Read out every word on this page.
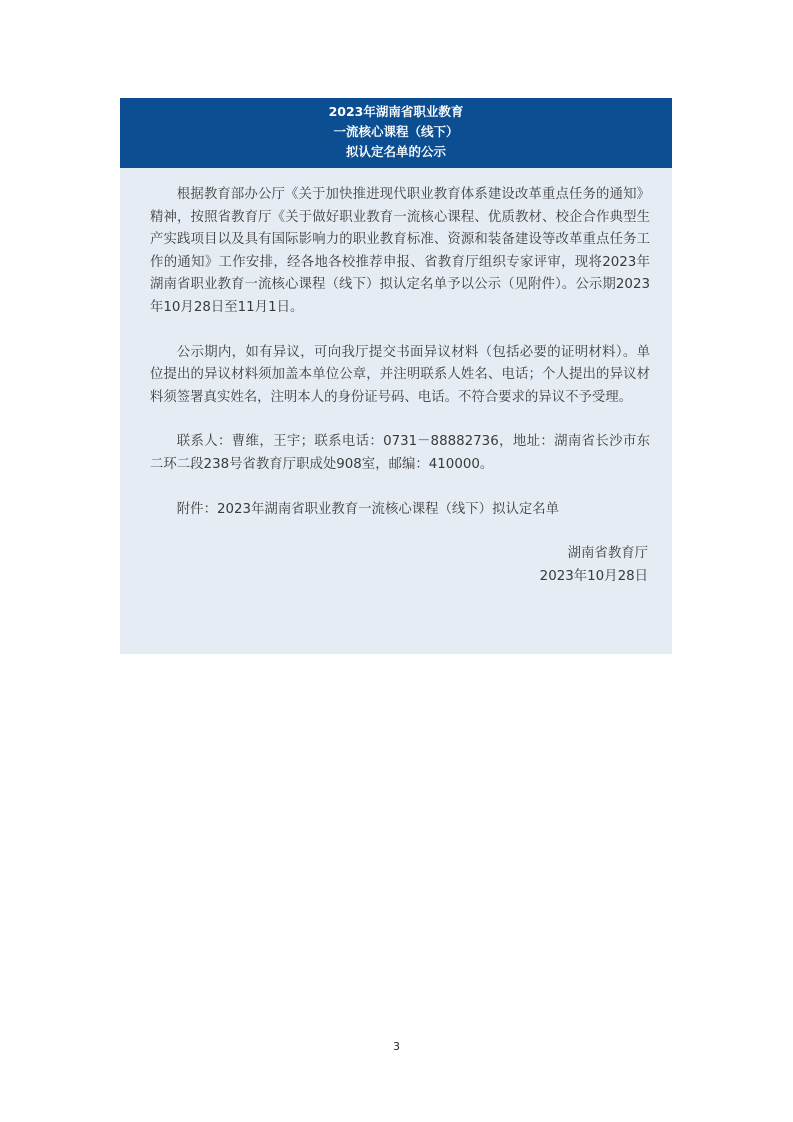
2023年湖南省职业教育
一流核心课程（线下）
拟认定名单的公示

根据教育部办公厅《关于加快推进现代职业教育体系建设改革重点任务的通知》精神，按照省教育厅《关于做好职业教育一流核心课程、优质教材、校企合作典型生产实践项目以及具有国际影响力的职业教育标准、资源和装备建设等改革重点任务工作的通知》工作安排，经各地各校推荐申报、省教育厅组织专家评审，现将2023年湖南省职业教育一流核心课程（线下）拟认定名单予以公示（见附件）。公示期2023年10月28日至11月1日。

公示期内，如有异议，可向我厅提交书面异议材料（包括必要的证明材料）。单位提出的异议材料须加盖本单位公章，并注明联系人姓名、电话；个人提出的异议材料须签署真实姓名，注明本人的身份证号码、电话。不符合要求的异议不予受理。

联系人：曹维，王宇；联系电话：0731－88882736，地址：湖南省长沙市东二环二段238号省教育厅职成处908室，邮编：410000。

附件：2023年湖南省职业教育一流核心课程（线下）拟认定名单

湖南省教育厅
2023年10月28日
3
